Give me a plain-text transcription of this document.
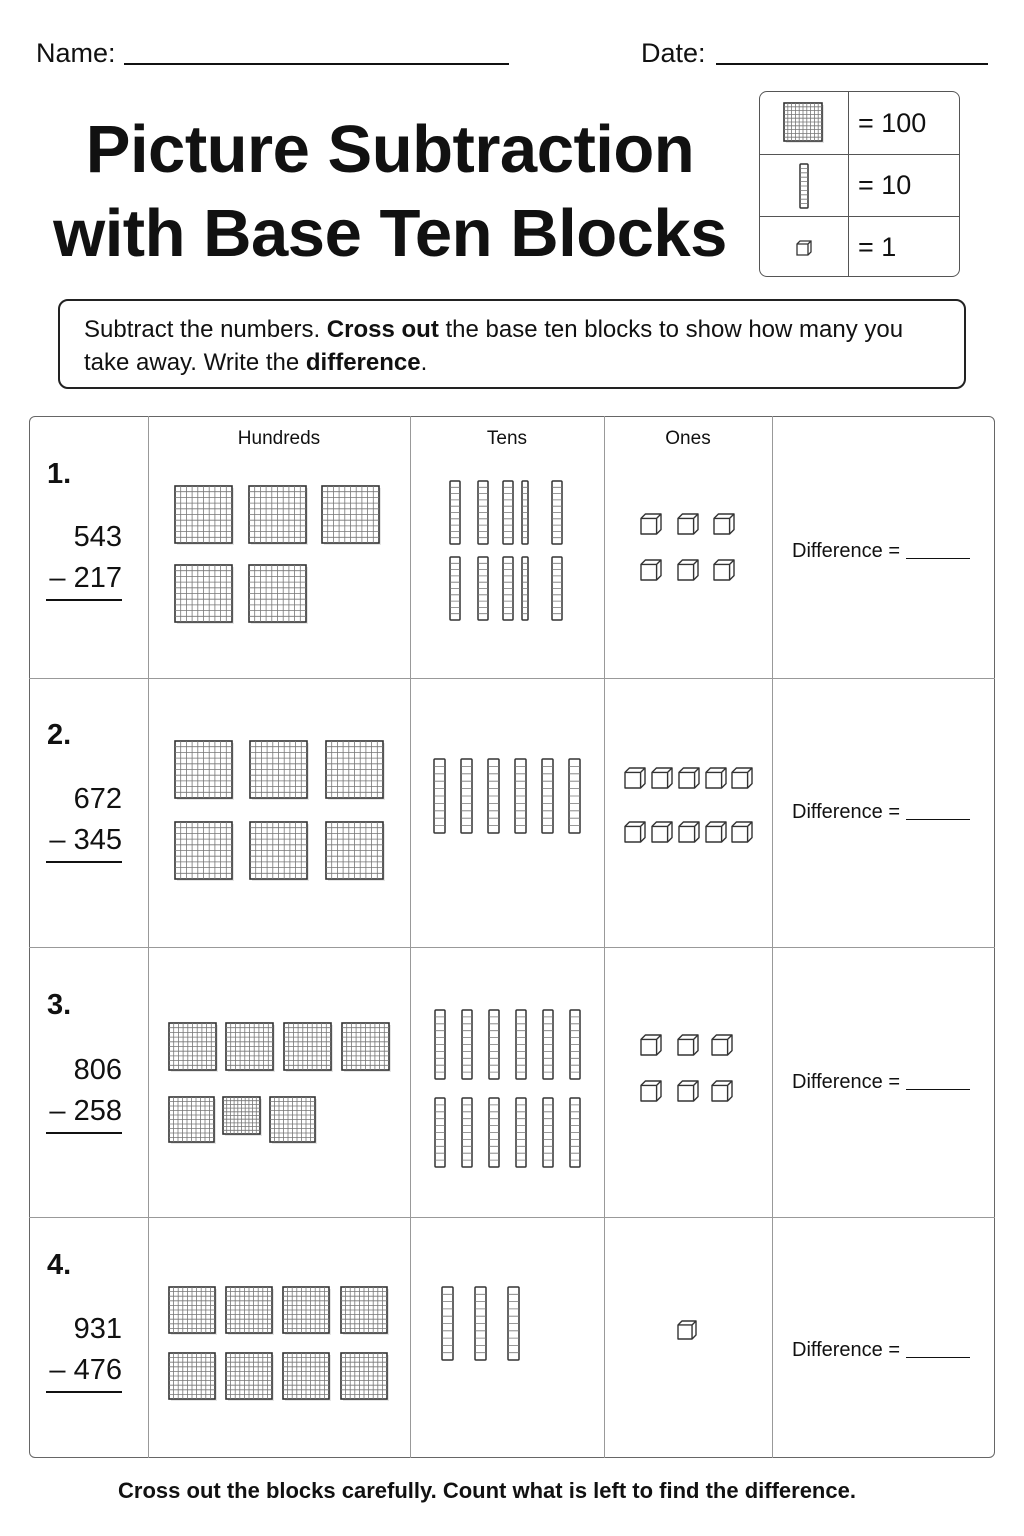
Name:	Date:
Picture Subtraction
with Base Ten Blocks
= 100
= 10
= 1
Subtract the numbers. Cross out the base ten blocks to show how many you take away. Write the difference.
Hundreds	Tens	Ones
1.
543
– 217
Difference =
2.
672
– 345
Difference =
3.
806
– 258
Difference =
4.
931
– 476
Difference =
Cross out the blocks carefully. Count what is left to find the difference.
